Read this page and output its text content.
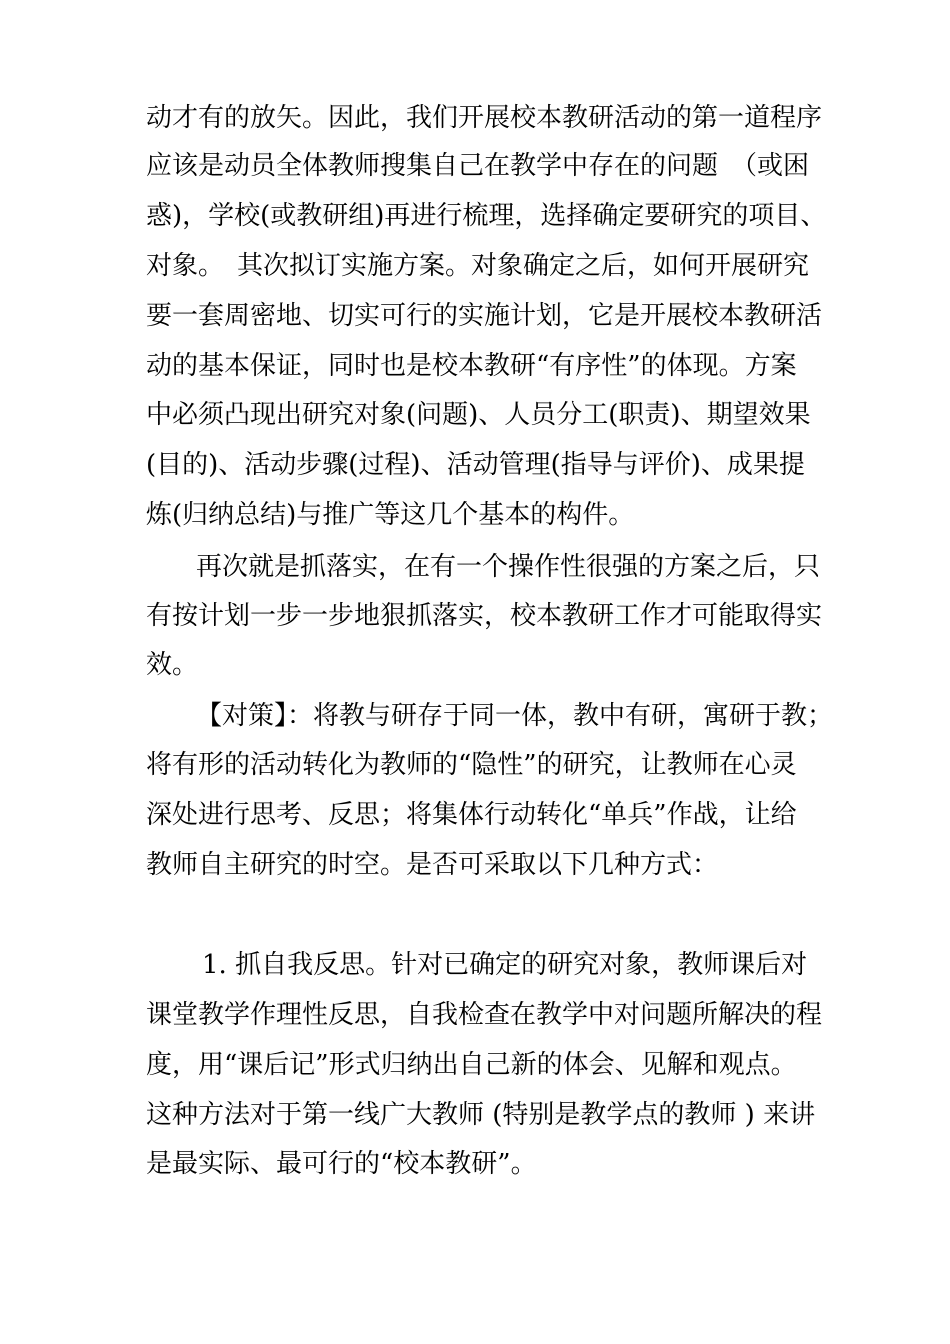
动才有的放矢。因此，我们开展校本教研活动的第一道程序
应该是动员全体教师搜集自己在教学中存在的问题　（或困
惑)，学校(或教研组)再进行梳理，选择确定要研究的项目、
对象。　其次拟订实施方案。对象确定之后，如何开展研究
要一套周密地、切实可行的实施计划，它是开展校本教研活
动的基本保证，同时也是校本教研“有序性”的体现。方案
中必须凸现出研究对象(问题)、人员分工(职责)、期望效果
(目的)、活动步骤(过程)、活动管理(指导与评价)、成果提
炼(归纳总结)与推广等这几个基本的构件。
再次就是抓落实，在有一个操作性很强的方案之后，只
有按计划一步一步地狠抓落实，校本教研工作才可能取得实
效。
【对策】：将教与研存于同一体，教中有研，寓研于教；
将有形的活动转化为教师的“隐性”的研究，让教师在心灵
深处进行思考、反思；将集体行动转化“单兵”作战，让给
教师自主研究的时空。是否可采取以下几种方式：
1. 抓自我反思。针对已确定的研究对象，教师课后对
课堂教学作理性反思，自我检查在教学中对问题所解决的程
度，用“课后记”形式归纳出自己新的体会、见解和观点。
这种方法对于第一线广大教师 (特别是教学点的教师 ) 来讲
是最实际、最可行的“校本教研”。
